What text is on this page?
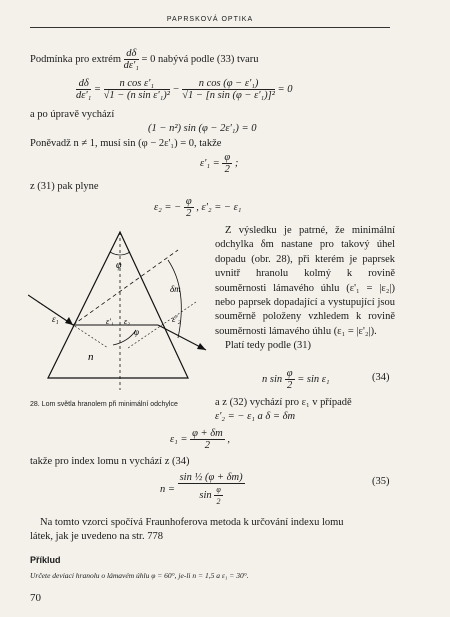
PAPRSKOVÁ OPTIKA
Podmínka pro extrém $\frac{d\delta}{\text{dε'₁}} = 0$ nabývá podle (33) tvaru
$\frac{d\delta}{\text{dε'₁}} = \frac{\text{n cos ε'₁}}{\text{√1 − (n sin ε'₁)²}} - \frac{\text{n cos (φ − ε'₁)}}{\text{√1 − [n sin (φ − ε'₁)]²}} = 0$
a po úpravě vychází
(1 − n²) sin (φ − 2ε'₁) = 0
Poněvadž n ≠ 1, musí sin (φ − 2ε'₁) = 0, takže
$\varepsilon'_1 = \frac{\varphi}{2}$ ;
z (31) pak plyne
ε₂ = − $\frac{\varphi}{2}$ , ε'₂ = − ε₁
φ
δm
ε₁	ε'₁ ε₂	ε'₂
φ
n
28. Lom světla hranolem při minimální odchylce
Z výsledku je patrné, že minimální odchylka δm nastane pro takový úhel dopadu (obr. 28), při kterém je paprsek uvnitř hranolu kolmý k rovině souměrnosti lámavého úhlu (ε'₁ = |ε₂|) nebo paprsek dopadající a vystupující jsou souměrně položeny vzhledem k rovině souměrnosti lámavého úhlu (ε₁ = |ε'₂|).
Platí tedy podle (31)
n $\sin \frac{\varphi}{2} = \sin \varepsilon_1$	(34)
a z (32) vychází pro ε₁ v případě
ε'₂ = − ε₁ a δ = δm
$\varepsilon_1 = \frac{\varphi + \delta m}{2}$ ,
takže pro index lomu n vychází z (34)
$n = \frac{\text{sin ½ (φ + δm)}}{\sin \frac{\varphi}{2}}$	(35)
Na tomto vzorci spočívá Fraunhoferova metoda k určování indexu lomu
látek, jak je uvedeno na str. 778
Příklud
Určete deviaci hranolu o lámavém úhlu φ = 60°, je-li n = 1,5 a ε₁ = 30°.
70
